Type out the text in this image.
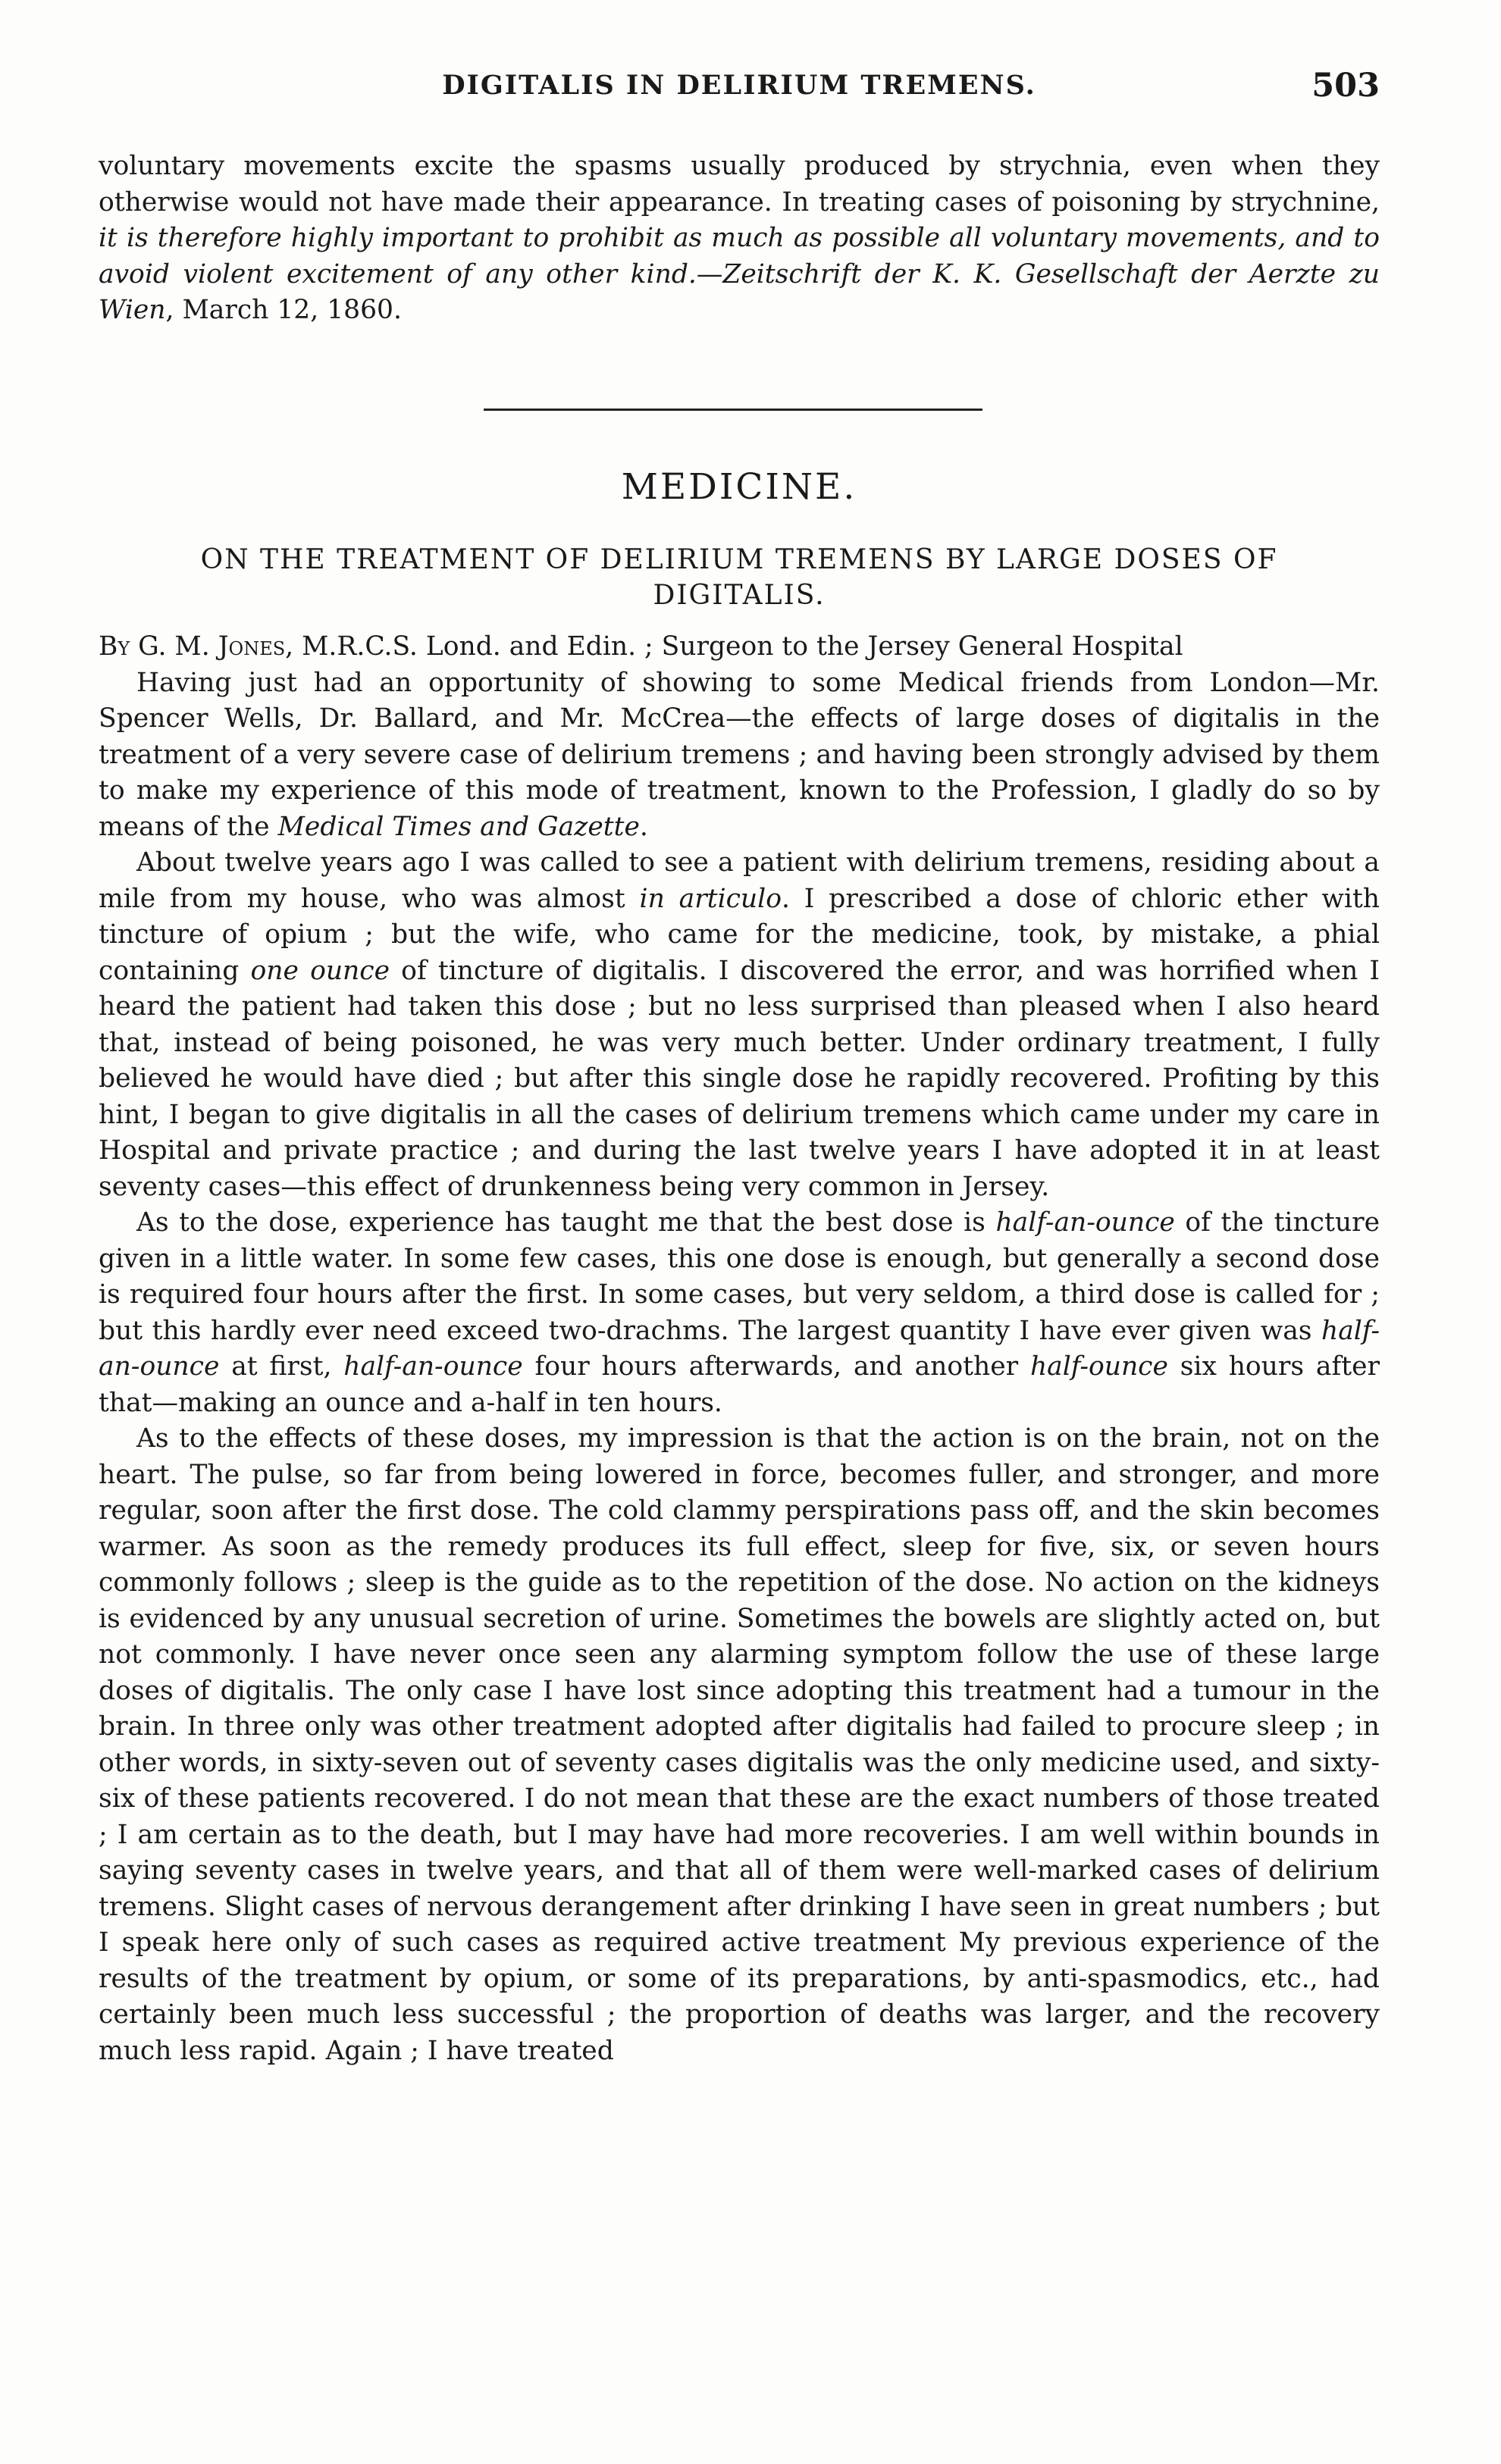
DIGITALIS IN DELIRIUM TREMENS.	503

voluntary movements excite the spasms usually produced by strychnia, even when they otherwise would not have made their appearance. In treating cases of poisoning by strychnine, it is therefore highly important to prohibit as much as possible all voluntary movements, and to avoid violent excitement of any other kind.—Zeitschrift der K. K. Gesellschaft der Aerzte zu Wien, March 12, 1860.

MEDICINE.
ON THE TREATMENT OF DELIRIUM TREMENS BY LARGE DOSES OF DIGITALIS.

By G. M. Jones, M.R.C.S. Lond. and Edin. ; Surgeon to the Jersey General Hospital

Having just had an opportunity of showing to some Medical friends from London—Mr. Spencer Wells, Dr. Ballard, and Mr. McCrea—the effects of large doses of digitalis in the treatment of a very severe case of delirium tremens ; and having been strongly advised by them to make my experience of this mode of treatment, known to the Profession, I gladly do so by means of the Medical Times and Gazette.

About twelve years ago I was called to see a patient with delirium tremens, residing about a mile from my house, who was almost in articulo. I prescribed a dose of chloric ether with tincture of opium ; but the wife, who came for the medicine, took, by mistake, a phial containing one ounce of tincture of digitalis. I discovered the error, and was horrified when I heard the patient had taken this dose ; but no less surprised than pleased when I also heard that, instead of being poisoned, he was very much better. Under ordinary treatment, I fully believed he would have died ; but after this single dose he rapidly recovered. Profiting by this hint, I began to give digitalis in all the cases of delirium tremens which came under my care in Hospital and private practice ; and during the last twelve years I have adopted it in at least seventy cases—this effect of drunkenness being very common in Jersey.

As to the dose, experience has taught me that the best dose is half-an-ounce of the tincture given in a little water. In some few cases, this one dose is enough, but generally a second dose is required four hours after the first. In some cases, but very seldom, a third dose is called for ; but this hardly ever need exceed two-drachms. The largest quantity I have ever given was half-an-ounce at first, half-an-ounce four hours afterwards, and another half-ounce six hours after that—making an ounce and a-half in ten hours.

As to the effects of these doses, my impression is that the action is on the brain, not on the heart. The pulse, so far from being lowered in force, becomes fuller, and stronger, and more regular, soon after the first dose. The cold clammy perspirations pass off, and the skin becomes warmer. As soon as the remedy produces its full effect, sleep for five, six, or seven hours commonly follows ; sleep is the guide as to the repetition of the dose. No action on the kidneys is evidenced by any unusual secretion of urine. Sometimes the bowels are slightly acted on, but not commonly. I have never once seen any alarming symptom follow the use of these large doses of digitalis. The only case I have lost since adopting this treatment had a tumour in the brain. In three only was other treatment adopted after digitalis had failed to procure sleep ; in other words, in sixty-seven out of seventy cases digitalis was the only medicine used, and sixty-six of these patients recovered. I do not mean that these are the exact numbers of those treated ; I am certain as to the death, but I may have had more recoveries. I am well within bounds in saying seventy cases in twelve years, and that all of them were well-marked cases of delirium tremens. Slight cases of nervous derangement after drinking I have seen in great numbers ; but I speak here only of such cases as required active treatment My previous experience of the results of the treatment by opium, or some of its preparations, by anti-spasmodics, etc., had certainly been much less successful ; the proportion of deaths was larger, and the recovery much less rapid. Again ; I have treated
